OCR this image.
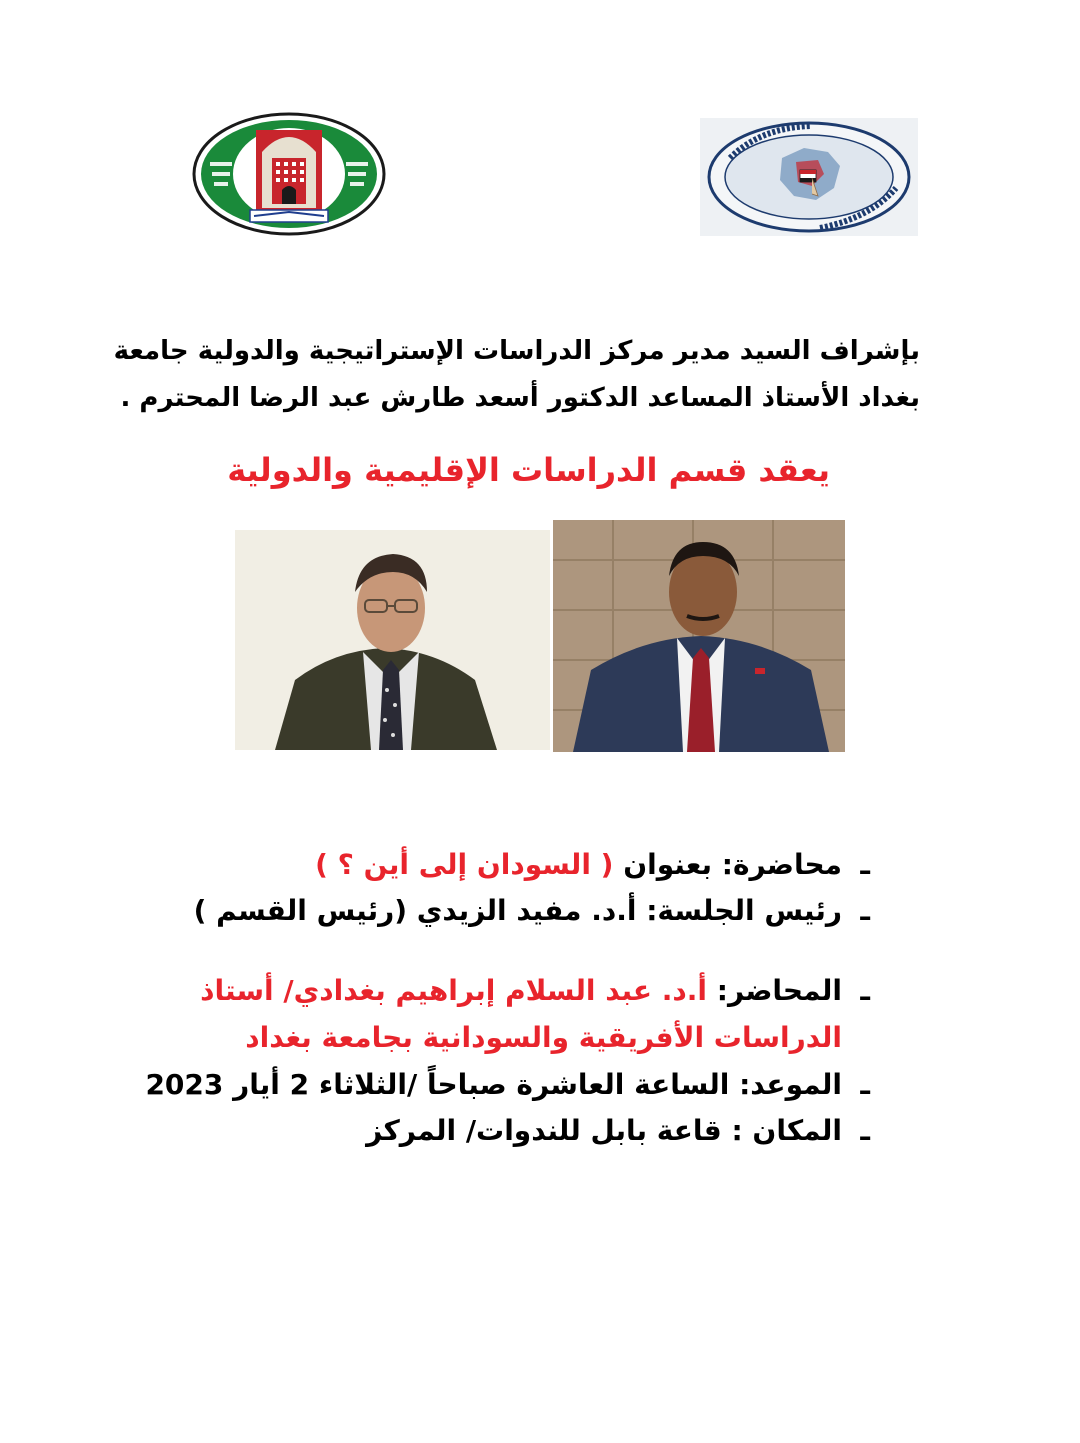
بإشراف السيد مدير مركز الدراسات الإستراتيجية والدولية جامعة
بغداد الأستاذ المساعد الدكتور أسعد طارش عبد الرضا المحترم .
يعقد قسم الدراسات الإقليمية والدولية
ـ
محاضرة: بعنوان ( السودان إلى أين ؟ )
ـ
رئيس الجلسة: أ.د. مفيد الزيدي (رئيس القسم )
ـ
المحاضر: أ.د. عبد السلام إبراهيم بغدادي/ أستاذ
الدراسات الأفريقية والسودانية بجامعة بغداد
ـ
الموعد: الساعة العاشرة صباحاً /الثلاثاء 2 أيار 2023
ـ
المكان : قاعة بابل للندوات/ المركز
